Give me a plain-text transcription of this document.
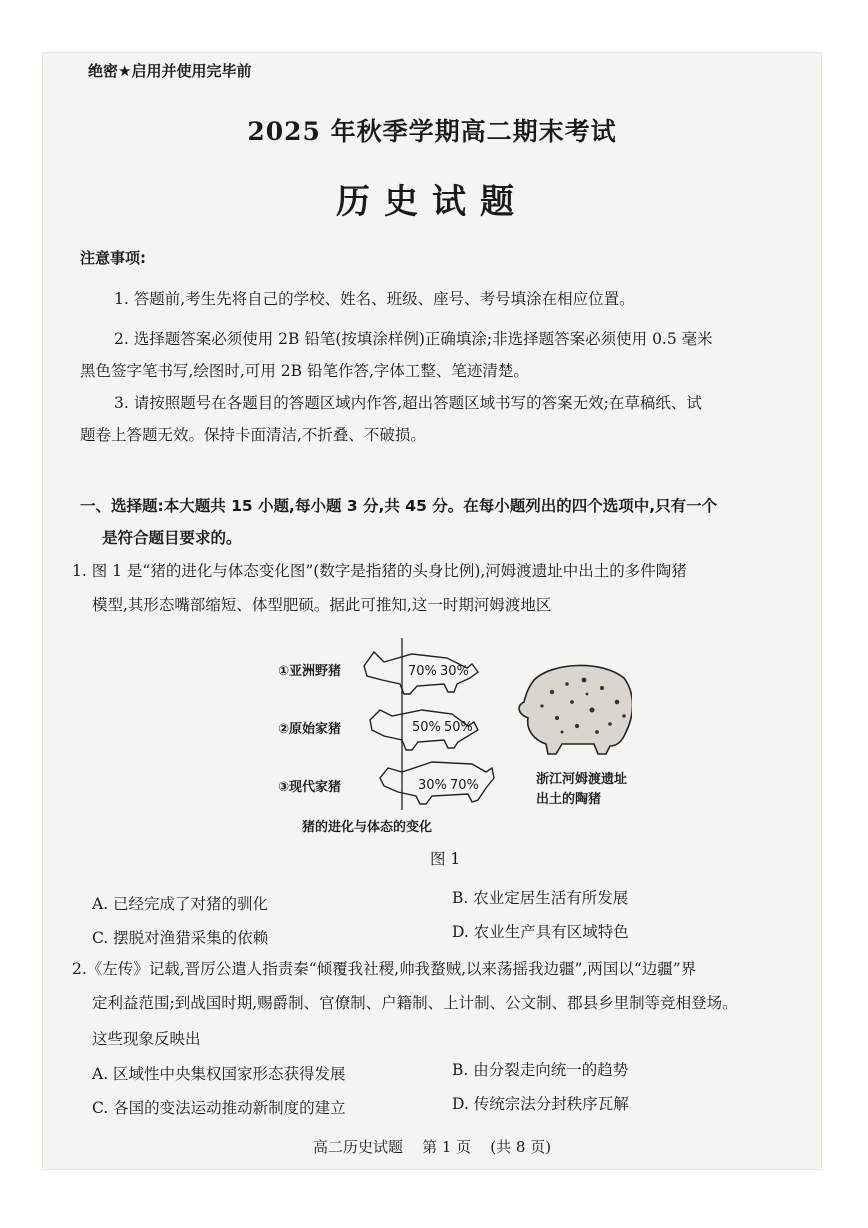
绝密★启用并使用完毕前
2025 年秋季学期高二期末考试
历史试题
注意事项:
1. 答题前,考生先将自己的学校、姓名、班级、座号、考号填涂在相应位置。
2. 选择题答案必须使用 2B 铅笔(按填涂样例)正确填涂;非选择题答案必须使用 0.5 毫米
黑色签字笔书写,绘图时,可用 2B 铅笔作答,字体工整、笔迹清楚。
3. 请按照题号在各题目的答题区域内作答,超出答题区域书写的答案无效;在草稿纸、试
题卷上答题无效。保持卡面清洁,不折叠、不破损。
一、选择题:本大题共 15 小题,每小题 3 分,共 45 分。在每小题列出的四个选项中,只有一个
是符合题目要求的。
1. 图 1 是“猪的进化与体态变化图”(数字是指猪的头身比例),河姆渡遗址中出土的多件陶猪
模型,其形态嘴部缩短、体型肥硕。据此可推知,这一时期河姆渡地区
①亚洲野猪	70% 30%
②原始家猪	50% 50%
③现代家猪	30% 70%	浙江河姆渡遗址
出土的陶猪
猪的进化与体态的变化
图 1
A. 已经完成了对猪的驯化	B. 农业定居生活有所发展
C. 摆脱对渔猎采集的依赖	D. 农业生产具有区域特色
2.《左传》记载,晋厉公遣人指责秦“倾覆我社稷,帅我蝥贼,以来荡摇我边疆”,两国以“边疆”界
定利益范围;到战国时期,赐爵制、官僚制、户籍制、上计制、公文制、郡县乡里制等竞相登场。
这些现象反映出
A. 区域性中央集权国家形态获得发展	B. 由分裂走向统一的趋势
C. 各国的变法运动推动新制度的建立	D. 传统宗法分封秩序瓦解
高二历史试题 第 1 页 (共 8 页)
